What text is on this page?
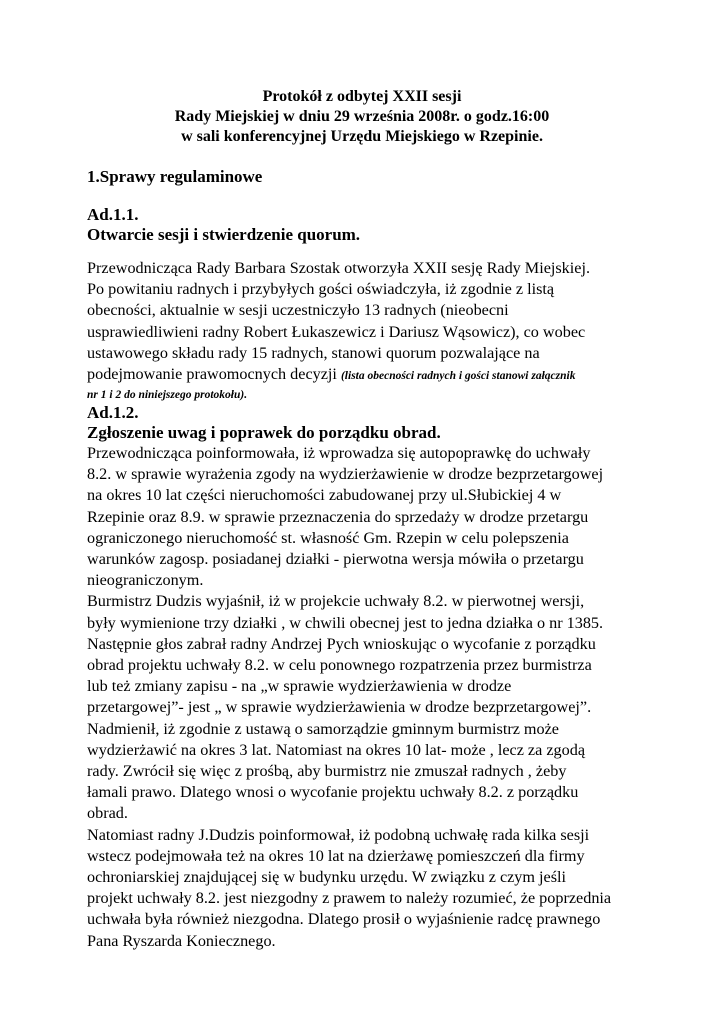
Protokół z odbytej XXII sesji
Rady Miejskiej w dniu 29 września 2008r. o godz.16:00
w sali konferencyjnej Urzędu Miejskiego w Rzepinie.
1.Sprawy regulaminowe
Ad.1.1.
Otwarcie sesji i stwierdzenie quorum.
Przewodnicząca Rady Barbara Szostak otworzyła XXII sesję Rady Miejskiej.
Po powitaniu radnych i przybyłych gości oświadczyła, iż zgodnie z listą
obecności, aktualnie w sesji uczestniczyło 13 radnych (nieobecni
usprawiedliwieni radny Robert Łukaszewicz i Dariusz Wąsowicz), co wobec
ustawowego składu rady 15 radnych, stanowi quorum pozwalające na
podejmowanie prawomocnych decyzji (lista obecności radnych i gości stanowi załącznik
nr 1 i 2 do niniejszego protokołu).
Ad.1.2.
Zgłoszenie uwag i poprawek do porządku obrad.
Przewodnicząca poinformowała, iż wprowadza się autopoprawkę do uchwały
8.2. w sprawie wyrażenia zgody na wydzierżawienie w drodze bezprzetargowej
na okres 10 lat części nieruchomości zabudowanej przy ul.Słubickiej 4 w
Rzepinie oraz 8.9. w sprawie przeznaczenia do sprzedaży w drodze przetargu
ograniczonego nieruchomość st. własność Gm. Rzepin w celu polepszenia
warunków zagosp. posiadanej działki - pierwotna wersja mówiła o przetargu
nieograniczonym.
Burmistrz Dudzis wyjaśnił, iż w projekcie uchwały 8.2. w pierwotnej wersji,
były wymienione trzy działki , w chwili obecnej jest to jedna działka o nr 1385.
Następnie głos zabrał radny Andrzej Pych wnioskując o wycofanie z porządku
obrad projektu uchwały 8.2. w celu ponownego rozpatrzenia przez burmistrza
lub też zmiany zapisu - na „w sprawie wydzierżawienia w drodze
przetargowej”- jest „ w sprawie wydzierżawienia w drodze bezprzetargowej”.
Nadmienił, iż zgodnie z ustawą o samorządzie gminnym burmistrz może
wydzierżawić na okres 3 lat. Natomiast na okres 10 lat- może , lecz za zgodą
rady. Zwrócił się więc z prośbą, aby burmistrz nie zmuszał radnych , żeby
łamali prawo. Dlatego wnosi o wycofanie projektu uchwały 8.2. z porządku
obrad.
Natomiast radny J.Dudzis poinformował, iż podobną uchwałę rada kilka sesji
wstecz podejmowała też na okres 10 lat na dzierżawę pomieszczeń dla firmy
ochroniarskiej znajdującej się w budynku urzędu. W związku z czym jeśli
projekt uchwały 8.2. jest niezgodny z prawem to należy rozumieć, że poprzednia
uchwała była również niezgodna. Dlatego prosił o wyjaśnienie radcę prawnego
Pana Ryszarda Koniecznego.
